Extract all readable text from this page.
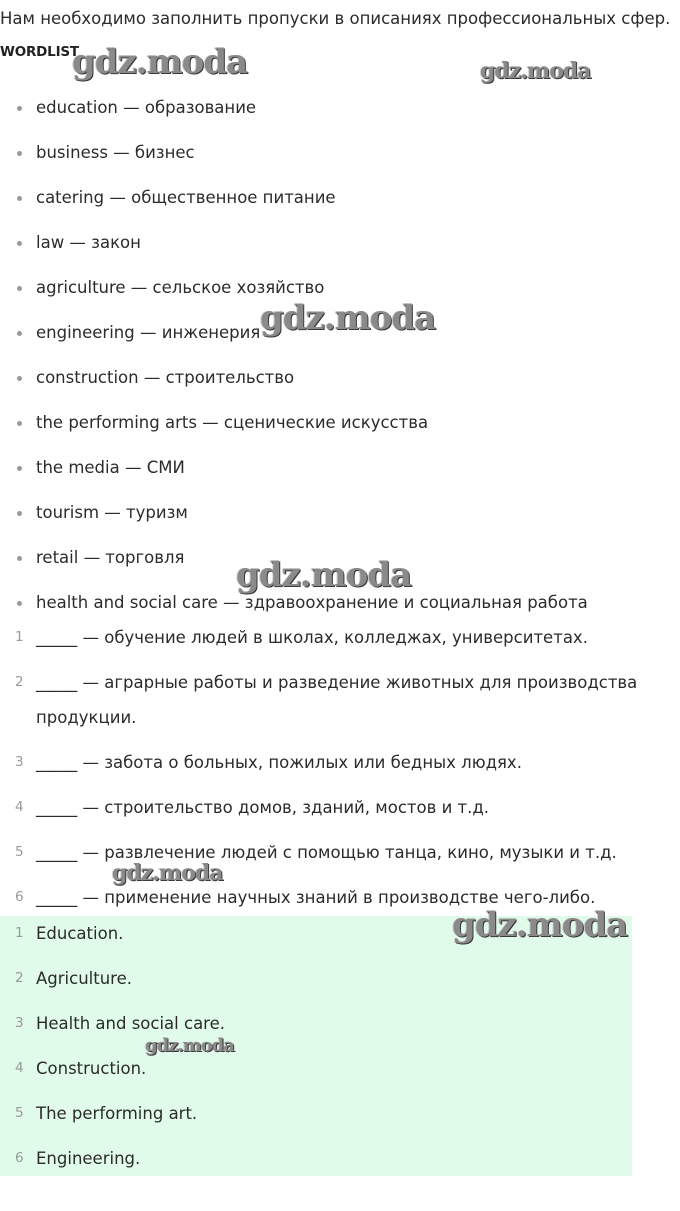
Нам необходимо заполнить пропуски в описаниях профессиональных сфер.
WORDLIST
education — образование
business — бизнес
catering — общественное питание
law — закон
agriculture — сельское хозяйство
engineering — инженерия
construction — строительство
the performing arts — сценические искусства
the media — СМИ
tourism — туризм
retail — торговля
health and social care — здравоохранение и социальная работа
1 _____ — обучение людей в школах, колледжах, университетах.
2 _____ — аграрные работы и разведение животных для производства продукции.
3 _____ — забота о больных, пожилых или бедных людях.
4 _____ — строительство домов, зданий, мостов и т.д.
5 _____ — развлечение людей с помощью танца, кино, музыки и т.д.
6 _____ — применение научных знаний в производстве чего-либо.
1 Education.
2 Agriculture.
3 Health and social care.
4 Construction.
5 The performing art.
6 Engineering.
gdz.moda	gdz.moda
gdz.moda
gdz.moda
gdz.moda
gdz.moda
gdz.moda
